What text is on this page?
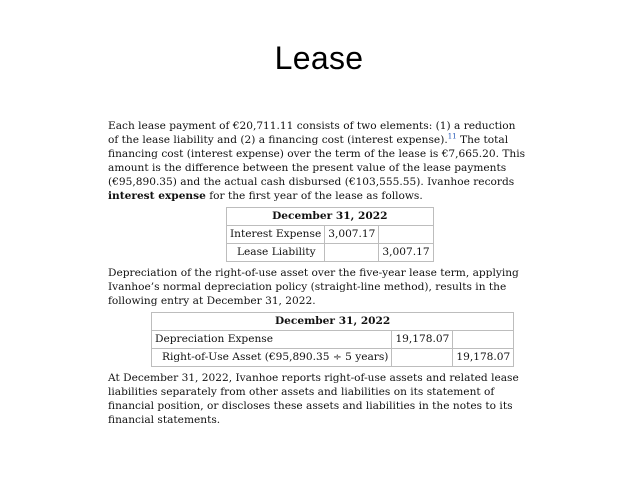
Lease

Each lease payment of €20,711.11 consists of two elements: (1) a reduction of the lease liability and (2) a financing cost (interest expense).$^{11}$ The total financing cost (interest expense) over the term of the lease is €7,665.20. This amount is the difference between the present value of the lease payments (€95,890.35) and the actual cash disbursed (€103,555.55). Ivanhoe records interest expense for the first year of the lease as follows.

December 31, 2022		
Interest Expense	3,007.17	
Lease Liability		3,007.17

Depreciation of the right-of-use asset over the five-year lease term, applying Ivanhoe’s normal depreciation policy (straight-line method), results in the following entry at December 31, 2022.

December 31, 2022		
Depreciation Expense	19,178.07	
Right-of-Use Asset (€95,890.35 ÷ 5 years)		19,178.07

At December 31, 2022, Ivanhoe reports right-of-use assets and related lease liabilities separately from other assets and liabilities on its statement of financial position, or discloses these assets and liabilities in the notes to its financial statements.
